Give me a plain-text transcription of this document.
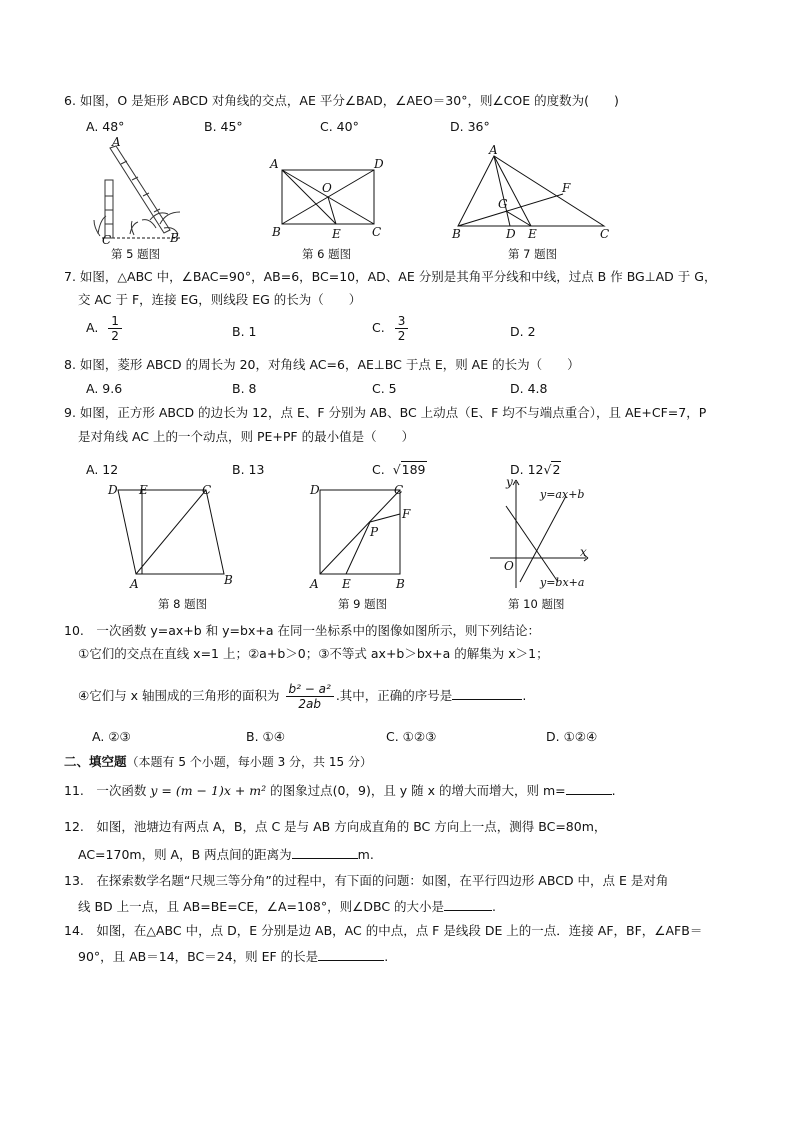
6. 如图，O 是矩形 ABCD 对角线的交点，AE 平分∠BAD，∠AEO＝30°，则∠COE 的度数为(　　)
A. 48°	B. 45°	C. 40°	D. 36°
A
C	B
第 5 题图
A	D
O
B	E	C
第 6 题图
A
F
G
B	D E	C
第 7 题图
7. 如图，△ABC 中，∠BAC=90°，AB=6，BC=10，AD、AE 分别是其角平分线和中线，过点 B 作 BG⊥AD 于 G，
交 AC 于 F，连接 EG，则线段 EG 的长为（　　）
A. $\frac{1}{2}$	B. 1	C. $\frac{3}{2}$	D. 2
8. 如图，菱形 ABCD 的周长为 20，对角线 AC=6，AE⊥BC 于点 E，则 AE 的长为（　　）
A. 9.6	B. 8	C. 5	D. 4.8
9. 如图，正方形 ABCD 的边长为 12，点 E、F 分别为 AB、BC 上动点（E、F 均不与端点重合），且 AE+CF=7，P
是对角线 AC 上的一个动点，则 PE+PF 的最小值是（　　）
A. 12	B. 13	C. √189	D. 12√2
D E	C
A	B
第 8 题图
D	C
F
P
A E	B
第 9 题图
y
y=ax+b
x
O
y=bx+a
第 10 题图
10.　一次函数 y=ax+b 和 y=bx+a 在同一坐标系中的图像如图所示，则下列结论：
①它们的交点在直线 x=1 上；②a+b＞0；③不等式 ax+b＞bx+a 的解集为 x＞1；
④它们与 x 轴围成的三角形的面积为 $\frac{\text{b² − a²}}{2ab}$ .其中，正确的序号是	.
A. ②③	B. ①④	C. ①②③	D. ①②④
二、填空题（本题有 5 个小题，每小题 3 分，共 15 分）
11.　一次函数 y = (m − 1)x + m² 的图象过点(0，9)，且 y 随 x 的增大而增大，则 m=	.
12.　如图，池塘边有两点 A，B，点 C 是与 AB 方向成直角的 BC 方向上一点，测得 BC=80m，
AC=170m，则 A，B 两点间的距离为	m.
13.　在探索数学名题“尺规三等分角”的过程中，有下面的问题：如图，在平行四边形 ABCD 中，点 E 是对角
线 BD 上一点，且 AB=BE=CE，∠A=108°，则∠DBC 的大小是	.
14.　如图，在△ABC 中，点 D，E 分别是边 AB，AC 的中点，点 F 是线段 DE 上的一点．连接 AF，BF，∠AFB＝
90°，且 AB＝14，BC＝24，则 EF 的长是	.
